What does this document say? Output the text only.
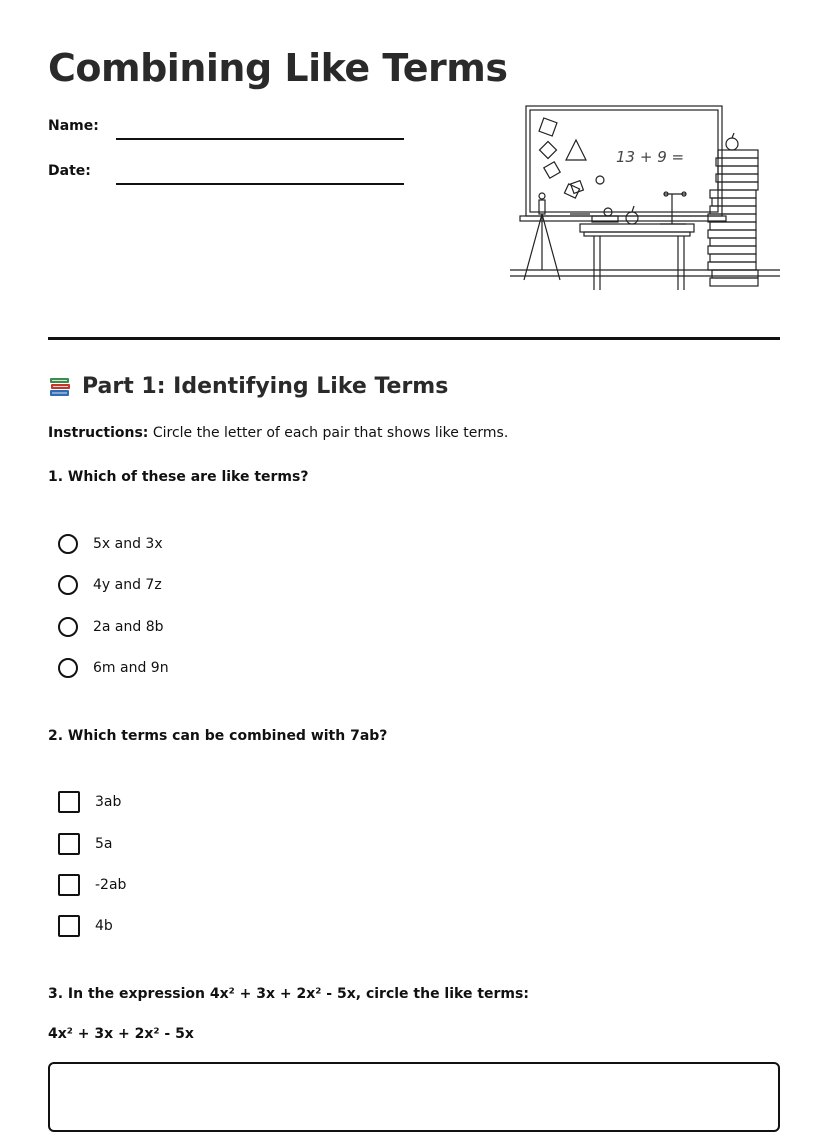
Combining Like Terms
Name:
Date:
13 + 9 =
Part 1: Identifying Like Terms
Instructions: Circle the letter of each pair that shows like terms.
1. Which of these are like terms?
5x and 3x
4y and 7z
2a and 8b
6m and 9n
2. Which terms can be combined with 7ab?
3ab
5a
-2ab
4b
3. In the expression 4x² + 3x + 2x² - 5x, circle the like terms:
4x² + 3x + 2x² - 5x
